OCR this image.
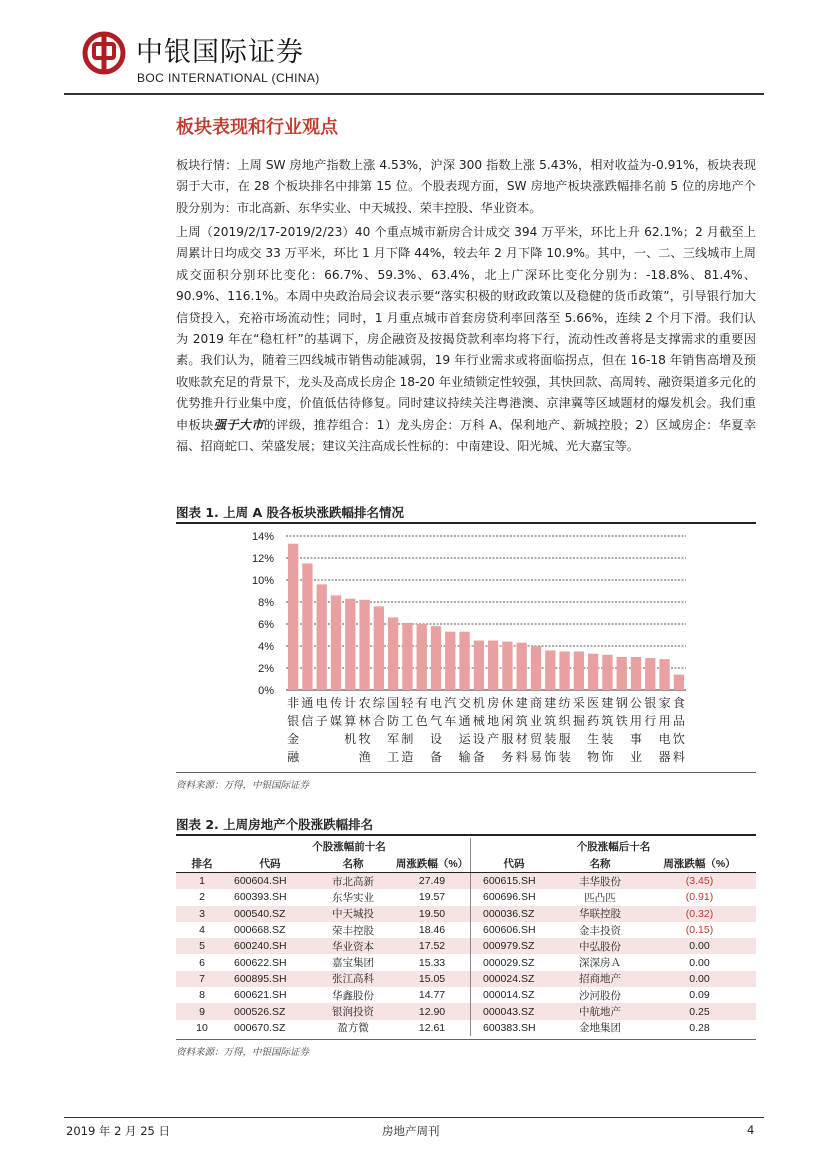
中银国际证券
BOC INTERNATIONAL (CHINA)
板块表现和行业观点
板块行情：上周 SW 房地产指数上涨 4.53%，沪深 300 指数上涨 5.43%，相对收益为-0.91%，板块表现弱于大市，在 28 个板块排名中排第 15 位。个股表现方面，SW 房地产板块涨跌幅排名前 5 位的房地产个股分别为：市北高新、东华实业、中天城投、荣丰控股、华业资本。
上周（2019/2/17-2019/2/23）40 个重点城市新房合计成交 394 万平米，环比上升 62.1%；2 月截至上周累计日均成交 33 万平米，环比 1 月下降 44%，较去年 2 月下降 10.9%。其中，一、二、三线城市上周成交面积分别环比变化：66.7%、59.3%、63.4%，北上广深环比变化分别为：-18.8%、81.4%、90.9%、116.1%。本周中央政治局会议表示要“落实积极的财政政策以及稳健的货币政策”，引导银行加大信贷投入，充裕市场流动性；同时，1 月重点城市首套房贷利率回落至 5.66%，连续 2 个月下滑。我们认为 2019 年在“稳杠杆”的基调下，房企融资及按揭贷款利率均将下行，流动性改善将是支撑需求的重要因素。我们认为，随着三四线城市销售动能减弱，19 年行业需求或将面临拐点，但在 16-18 年销售高增及预收账款充足的背景下，龙头及高成长房企 18-20 年业绩锁定性较强，其快回款、高周转、融资渠道多元化的优势推升行业集中度，价值低估待修复。同时建议持续关注粤港澳、京津冀等区域题材的爆发机会。我们重申板块强于大市的评级，推荐组合：1）龙头房企：万科 A、保利地产、新城控股；2）区域房企：华夏幸福、招商蛇口、荣盛发展；建议关注高成长性标的：中南建设、阳光城、光大嘉宝等。
图表 1. 上周 A 股各板块涨跌幅排名情况
0%
2%
4%
6%
8%
10%
12%
14%
非
银
金
融
通
信
电
子
传
媒
计
算
机
农
林
牧
渔
综
合
国
防
军
工
轻
工
制
造
有
色
电
气
设
备
汽
车
交
通
运
输
机
械
设
备
房
地
产
休
闲
服
务
建
筑
材
料
商
业
贸
易
建
筑
装
饰
纺
织
服
装
采
掘
医
药
生
物
建
筑
装
饰
钢
铁
公
用
事
业
银
行
家
用
电
器
食
品
饮
料
资料来源：万得，中银国际证券
图表 2. 上周房地产个股涨跌幅排名
	个股涨幅前十名			个股涨幅后十名		
排名	代码	名称	周涨跌幅（%）	代码	名称	周涨跌幅（%）
1	600604.SH	市北高新	27.49	600615.SH	丰华股份	(3.45)
2	600393.SH	东华实业	19.57	600696.SH	匹凸匹	(0.91)
3	000540.SZ	中天城投	19.50	000036.SZ	华联控股	(0.32)
4	000668.SZ	荣丰控股	18.46	600606.SH	金丰投资	(0.15)
5	600240.SH	华业资本	17.52	000979.SZ	中弘股份	0.00
6	600622.SH	嘉宝集团	15.33	000029.SZ	深深房Ａ	0.00
7	600895.SH	张江高科	15.05	000024.SZ	招商地产	0.00
8	600621.SH	华鑫股份	14.77	000014.SZ	沙河股份	0.09
9	000526.SZ	银润投资	12.90	000043.SZ	中航地产	0.25
10	000670.SZ	盈方微	12.61	600383.SH	金地集团	0.28
资料来源：万得，中银国际证券
2019 年 2 月 25 日	房地产周刊	4
